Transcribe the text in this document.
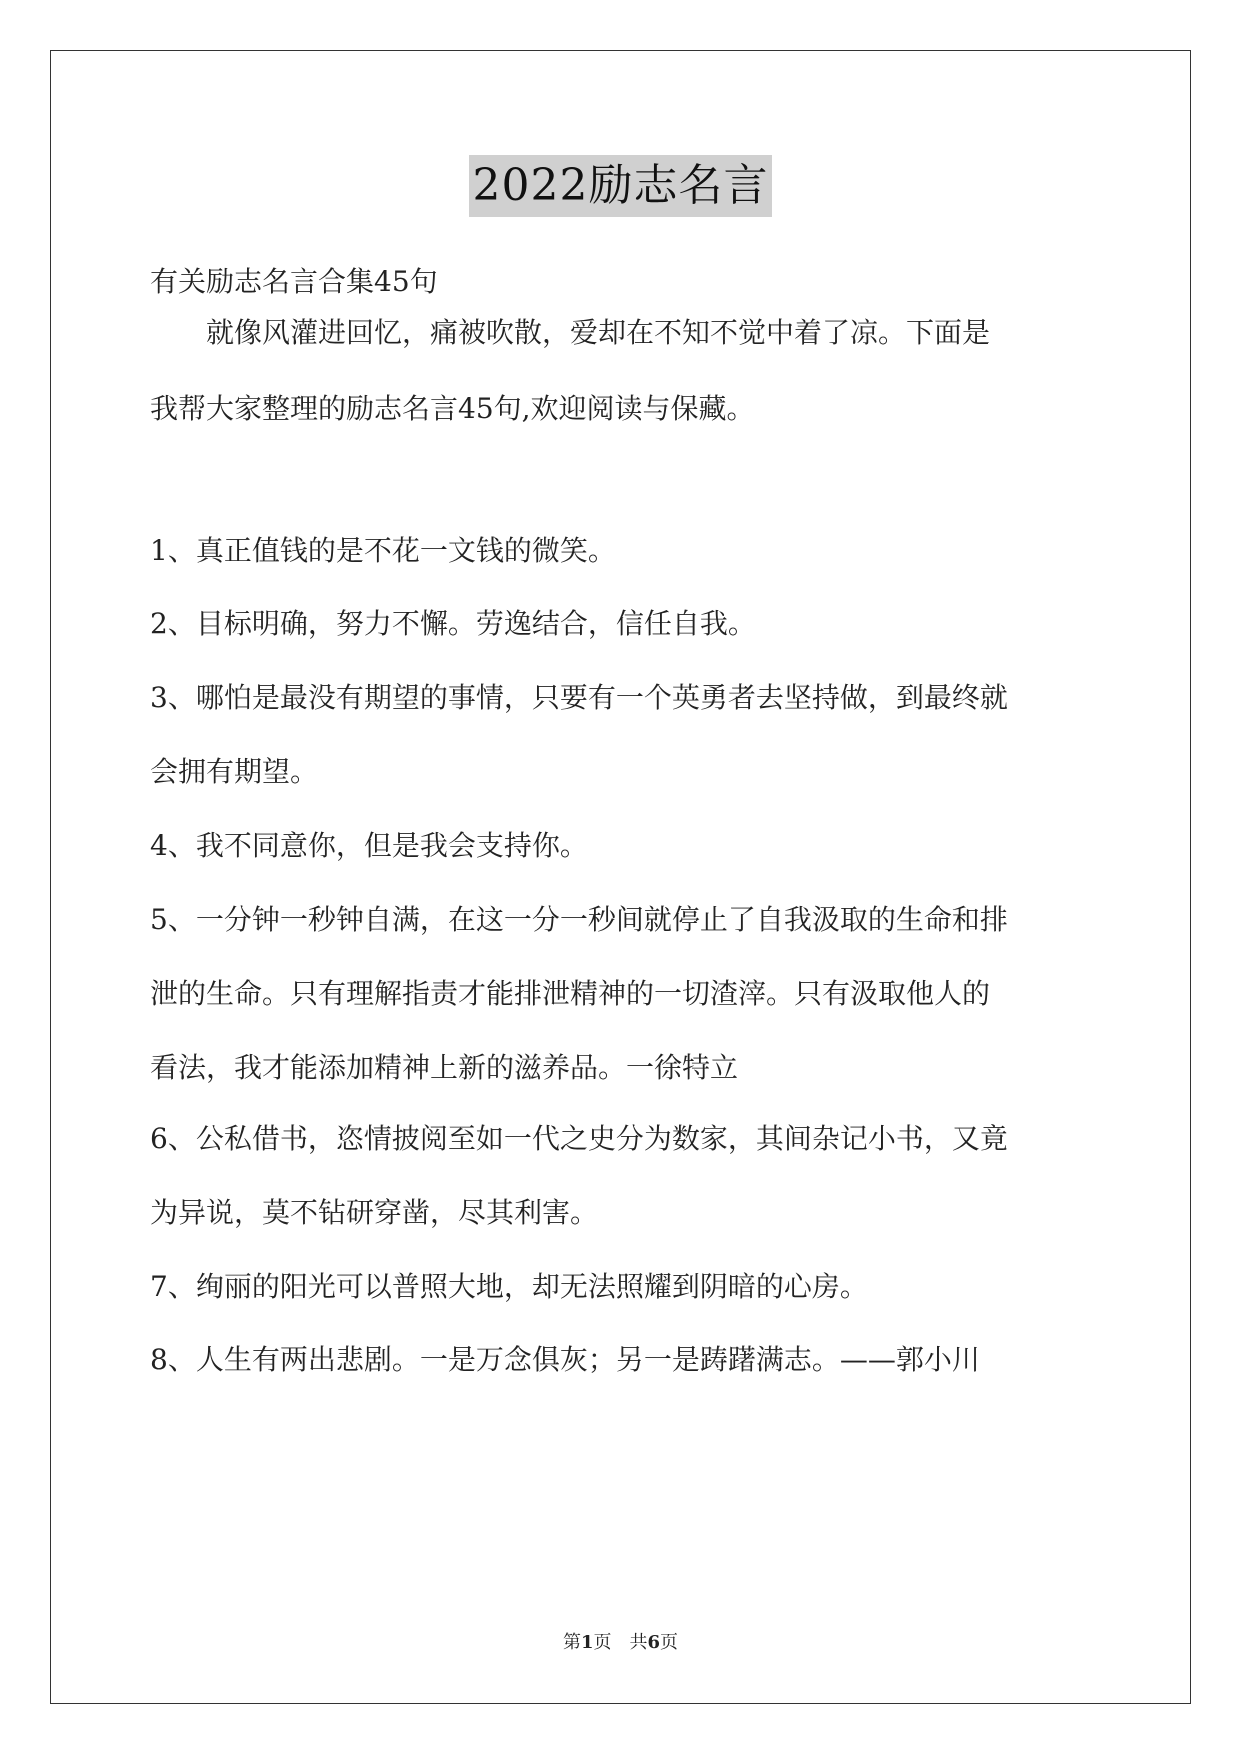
2022励志名言
有关励志名言合集45句
　　就像风灌进回忆，痛被吹散，爱却在不知不觉中着了凉。下面是
我帮大家整理的励志名言45句,欢迎阅读与保藏。
1、真正值钱的是不花一文钱的微笑。
2、目标明确，努力不懈。劳逸结合，信任自我。
3、哪怕是最没有期望的事情，只要有一个英勇者去坚持做，到最终就
会拥有期望。
4、我不同意你，但是我会支持你。
5、一分钟一秒钟自满，在这一分一秒间就停止了自我汲取的生命和排
泄的生命。只有理解指责才能排泄精神的一切渣滓。只有汲取他人的
看法，我才能添加精神上新的滋养品。一徐特立
6、公私借书，恣情披阅至如一代之史分为数家，其间杂记小书，又竟
为异说，莫不钻研穿凿，尽其利害。
7、绚丽的阳光可以普照大地，却无法照耀到阴暗的心房。
8、人生有两出悲剧。一是万念俱灰；另一是踌躇满志。——郭小川
第1页　共6页
